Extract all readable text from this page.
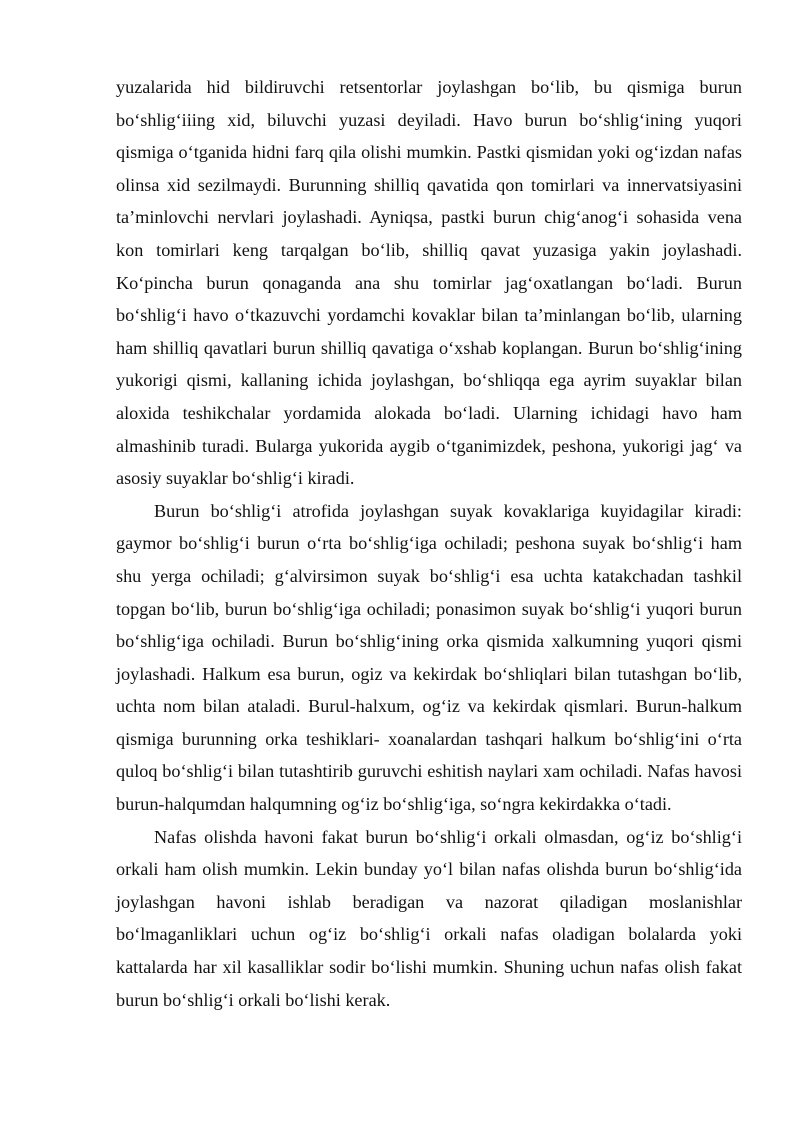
yuzalarida hid bildiruvchi retsentorlar joylashgan bo‘lib, bu qismiga burun bo‘shlig‘iiing xid, biluvchi yuzasi deyiladi. Havo burun bo‘shlig‘ining yuqori qismiga o‘tganida hidni farq qila olishi mumkin. Pastki qismidan yoki og‘izdan nafas olinsa xid sezilmaydi. Burunning shilliq qavatida qon tomirlari va innervatsiyasini ta’minlovchi nervlari joylashadi. Ayniqsa, pastki burun chig‘anog‘i sohasida vena kon tomirlari keng tarqalgan bo‘lib, shilliq qavat yuzasiga yakin joylashadi. Ko‘pincha burun qonaganda ana shu tomirlar jag‘oxatlangan bo‘ladi. Burun bo‘shlig‘i havo o‘tkazuvchi yordamchi kovaklar bilan ta’minlangan bo‘lib, ularning ham shilliq qavatlari burun shilliq qavatiga o‘xshab koplangan. Burun bo‘shlig‘ining yukorigi qismi, kallaning ichida joylashgan, bo‘shliqqa ega ayrim suyaklar bilan aloxida teshikchalar yordamida alokada bo‘ladi. Ularning ichidagi havo ham almashinib turadi. Bularga yukorida aygib o‘tganimizdek, peshona, yukorigi jag‘ va asosiy suyaklar bo‘shlig‘i kiradi.

Burun bo‘shlig‘i atrofida joylashgan suyak kovaklariga kuyidagilar kiradi: gaymor bo‘shlig‘i burun o‘rta bo‘shlig‘iga ochiladi; peshona suyak bo‘shlig‘i ham shu yerga ochiladi; g‘alvirsimon suyak bo‘shlig‘i esa uchta katakchadan tashkil topgan bo‘lib, burun bo‘shlig‘iga ochiladi; ponasimon suyak bo‘shlig‘i yuqori burun bo‘shlig‘iga ochiladi. Burun bo‘shlig‘ining orka qismida xalkumning yuqori qismi joylashadi. Halkum esa burun, ogiz va kekirdak bo‘shliqlari bilan tutashgan bo‘lib, uchta nom bilan ataladi. Burul-halxum, og‘iz va kekirdak qismlari. Burun-halkum qismiga burunning orka teshiklari- xoanalardan tashqari halkum bo‘shlig‘ini o‘rta quloq bo‘shlig‘i bilan tutashtirib guruvchi eshitish naylari xam ochiladi. Nafas havosi burun-halqumdan halqumning og‘iz bo‘shlig‘iga, so‘ngra kekirdakka o‘tadi.

Nafas olishda havoni fakat burun bo‘shlig‘i orkali olmasdan, og‘iz bo‘shlig‘i orkali ham olish mumkin. Lekin bunday yo‘l bilan nafas olishda burun bo‘shlig‘ida joylashgan havoni ishlab beradigan va nazorat qiladigan moslanishlar bo‘lmaganliklari uchun og‘iz bo‘shlig‘i orkali nafas oladigan bolalarda yoki kattalarda har xil kasalliklar sodir bo‘lishi mumkin. Shuning uchun nafas olish fakat burun bo‘shlig‘i orkali bo‘lishi kerak.
